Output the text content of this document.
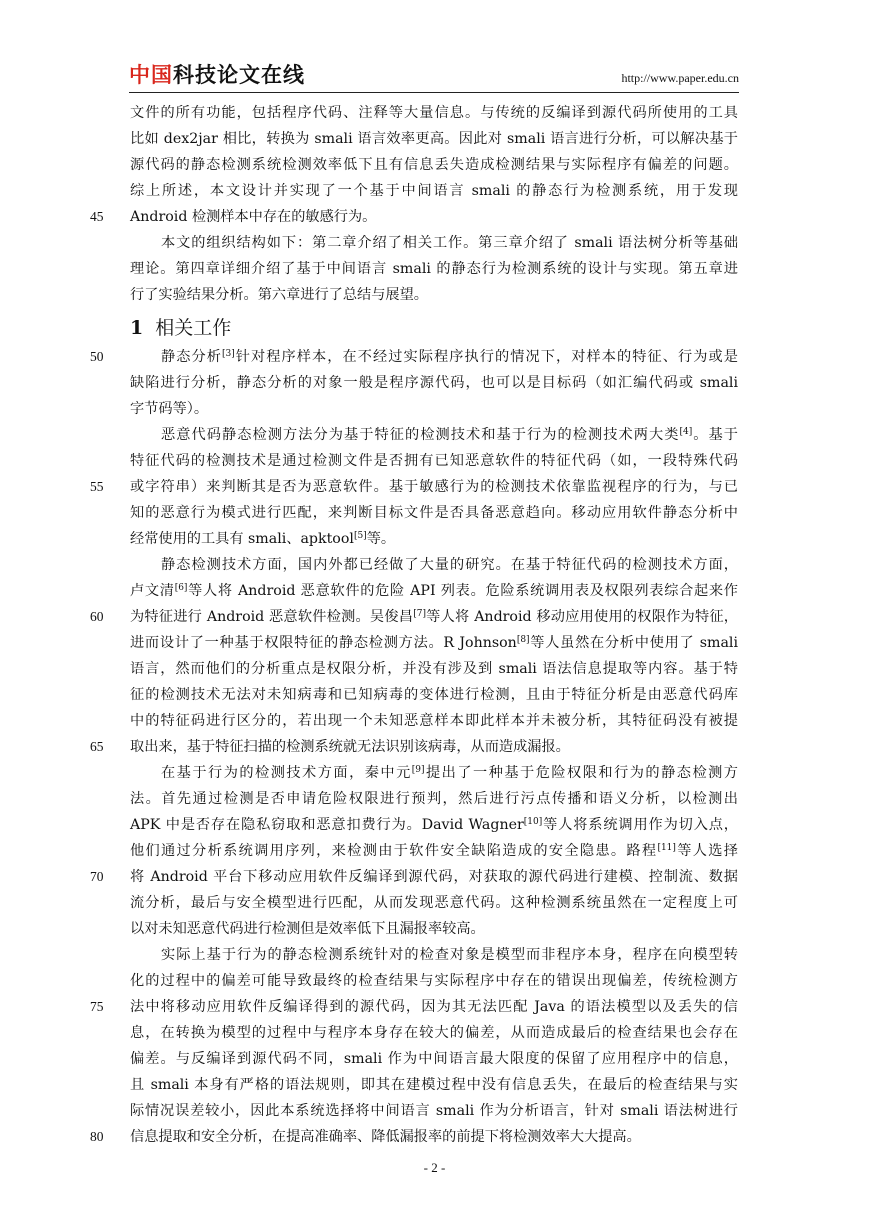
中国科技论文在线	http://www.paper.edu.cn
文件的所有功能，包括程序代码、注释等大量信息。与传统的反编译到源代码所使用的工具
比如 dex2jar 相比，转换为 smali 语言效率更高。因此对 smali 语言进行分析，可以解决基于
源代码的静态检测系统检测效率低下且有信息丢失造成检测结果与实际程序有偏差的问题。
综上所述，本文设计并实现了一个基于中间语言 smali 的静态行为检测系统，用于发现
Android 检测样本中存在的敏感行为。
本文的组织结构如下：第二章介绍了相关工作。第三章介绍了 smali 语法树分析等基础
理论。第四章详细介绍了基于中间语言 smali 的静态行为检测系统的设计与实现。第五章进
行了实验结果分析。第六章进行了总结与展望。
1 相关工作
静态分析[3]针对程序样本，在不经过实际程序执行的情况下，对样本的特征、行为或是
缺陷进行分析，静态分析的对象一般是程序源代码，也可以是目标码（如汇编代码或 smali
字节码等）。
恶意代码静态检测方法分为基于特征的检测技术和基于行为的检测技术两大类[4]。基于
特征代码的检测技术是通过检测文件是否拥有已知恶意软件的特征代码（如，一段特殊代码
或字符串）来判断其是否为恶意软件。基于敏感行为的检测技术依靠监视程序的行为，与已
知的恶意行为模式进行匹配，来判断目标文件是否具备恶意趋向。移动应用软件静态分析中
经常使用的工具有 smali、apktool[5]等。
静态检测技术方面，国内外都已经做了大量的研究。在基于特征代码的检测技术方面，
卢文清[6]等人将 Android 恶意软件的危险 API 列表。危险系统调用表及权限列表综合起来作
为特征进行 Android 恶意软件检测。吴俊昌[7]等人将 Android 移动应用使用的权限作为特征，
进而设计了一种基于权限特征的静态检测方法。R Johnson[8]等人虽然在分析中使用了 smali
语言，然而他们的分析重点是权限分析，并没有涉及到 smali 语法信息提取等内容。基于特
征的检测技术无法对未知病毒和已知病毒的变体进行检测，且由于特征分析是由恶意代码库
中的特征码进行区分的，若出现一个未知恶意样本即此样本并未被分析，其特征码没有被提
取出来，基于特征扫描的检测系统就无法识别该病毒，从而造成漏报。
在基于行为的检测技术方面，秦中元[9]提出了一种基于危险权限和行为的静态检测方
法。首先通过检测是否申请危险权限进行预判，然后进行污点传播和语义分析，以检测出
APK 中是否存在隐私窃取和恶意扣费行为。David Wagner[10]等人将系统调用作为切入点，
他们通过分析系统调用序列，来检测由于软件安全缺陷造成的安全隐患。路程[11]等人选择
将 Android 平台下移动应用软件反编译到源代码，对获取的源代码进行建模、控制流、数据
流分析，最后与安全模型进行匹配，从而发现恶意代码。这种检测系统虽然在一定程度上可
以对未知恶意代码进行检测但是效率低下且漏报率较高。
实际上基于行为的静态检测系统针对的检查对象是模型而非程序本身，程序在向模型转
化的过程中的偏差可能导致最终的检查结果与实际程序中存在的错误出现偏差，传统检测方
法中将移动应用软件反编译得到的源代码，因为其无法匹配 Java 的语法模型以及丢失的信
息，在转换为模型的过程中与程序本身存在较大的偏差，从而造成最后的检查结果也会存在
偏差。与反编译到源代码不同，smali 作为中间语言最大限度的保留了应用程序中的信息，
且 smali 本身有严格的语法规则，即其在建模过程中没有信息丢失，在最后的检查结果与实
际情况误差较小，因此本系统选择将中间语言 smali 作为分析语言，针对 smali 语法树进行
信息提取和安全分析，在提高准确率、降低漏报率的前提下将检测效率大大提高。
45
50
55
60
65
70
75
80
- 2 -
